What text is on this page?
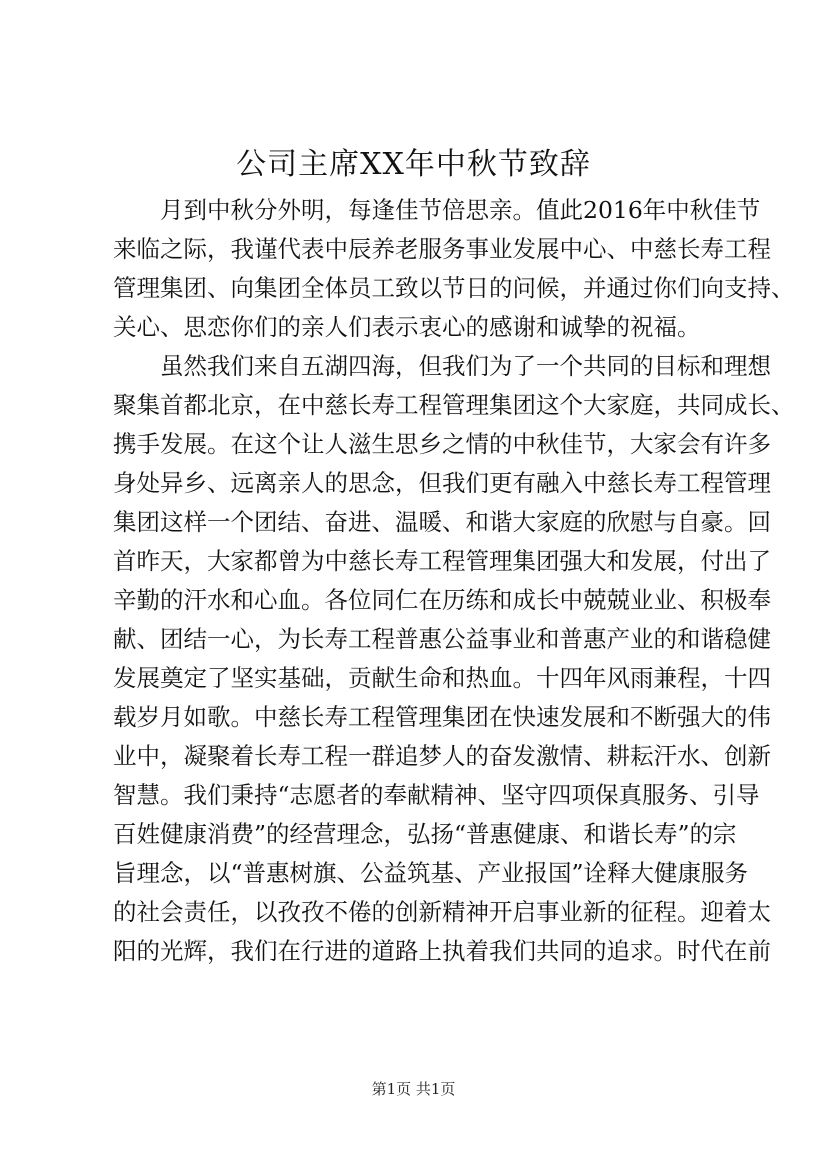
公司主席XX年中秋节致辞
月到中秋分外明，每逢佳节倍思亲。值此2016年中秋佳节
来临之际，我谨代表中辰养老服务事业发展中心、中慈长寿工程
管理集团、向集团全体员工致以节日的问候，并通过你们向支持、
关心、思恋你们的亲人们表示衷心的感谢和诚挚的祝福。
虽然我们来自五湖四海，但我们为了一个共同的目标和理想
聚集首都北京，在中慈长寿工程管理集团这个大家庭，共同成长、
携手发展。在这个让人滋生思乡之情的中秋佳节，大家会有许多
身处异乡、远离亲人的思念，但我们更有融入中慈长寿工程管理
集团这样一个团结、奋进、温暖、和谐大家庭的欣慰与自豪。回
首昨天，大家都曾为中慈长寿工程管理集团强大和发展，付出了
辛勤的汗水和心血。各位同仁在历练和成长中兢兢业业、积极奉
献、团结一心，为长寿工程普惠公益事业和普惠产业的和谐稳健
发展奠定了坚实基础，贡献生命和热血。十四年风雨兼程，十四
载岁月如歌。中慈长寿工程管理集团在快速发展和不断强大的伟
业中，凝聚着长寿工程一群追梦人的奋发激情、耕耘汗水、创新
智慧。我们秉持“志愿者的奉献精神、坚守四项保真服务、引导
百姓健康消费”的经营理念，弘扬“普惠健康、和谐长寿”的宗
旨理念，以“普惠树旗、公益筑基、产业报国”诠释大健康服务
的社会责任，以孜孜不倦的创新精神开启事业新的征程。迎着太
阳的光辉，我们在行进的道路上执着我们共同的追求。时代在前
第1页 共1页
